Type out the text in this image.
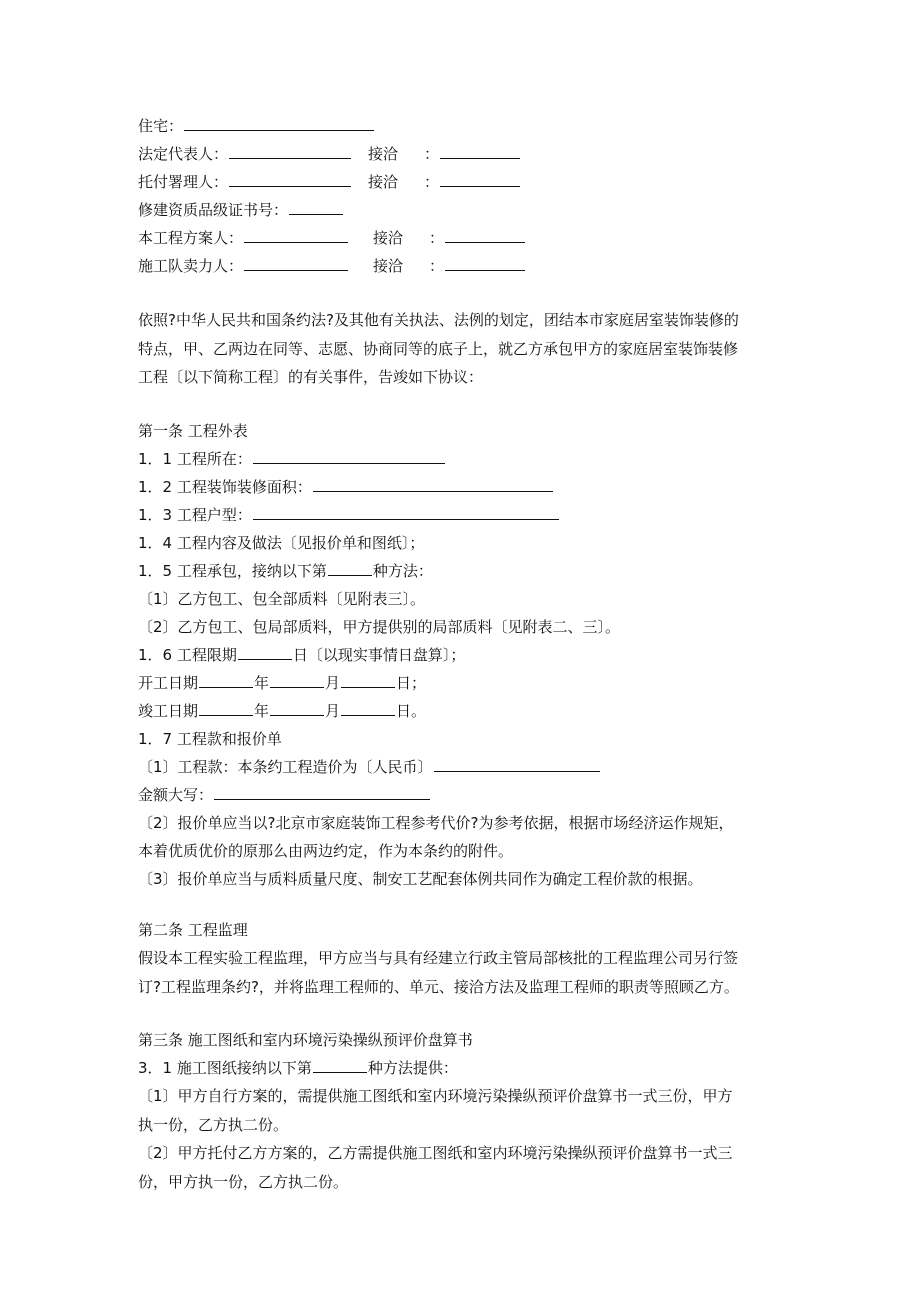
住宅：
法定代表人：	接洽 ：
托付署理人：	接洽 ：
修建资质品级证书号：
本工程方案人：	接洽 ：
施工队卖力人：	接洽 ：
依照?中华人民共和国条约法?及其他有关执法、法例的划定，团结本市家庭居室装饰装修的
特点，甲、乙两边在同等、志愿、协商同等的底子上，就乙方承包甲方的家庭居室装饰装修
工程〔以下简称工程〕的有关事件，告竣如下协议：
第一条 工程外表
1．1 工程所在：
1．2 工程装饰装修面积：
1．3 工程户型：
1．4 工程内容及做法〔见报价单和图纸〕；
1．5 工程承包，接纳以下第	种方法：
〔1〕乙方包工、包全部质料〔见附表三〕。
〔2〕乙方包工、包局部质料，甲方提供别的局部质料〔见附表二、三〕。
1．6 工程限期	日〔以现实事情日盘算〕；
开工日期	年	月	日；
竣工日期	年	月	日。
1．7 工程款和报价单
〔1〕工程款：本条约工程造价为〔人民币〕
金额大写：
〔2〕报价单应当以?北京市家庭装饰工程参考代价?为参考依据，根据市场经济运作规矩，
本着优质优价的原那么由两边约定，作为本条约的附件。
〔3〕报价单应当与质料质量尺度、制安工艺配套体例共同作为确定工程价款的根据。
第二条 工程监理
假设本工程实验工程监理，甲方应当与具有经建立行政主管局部核批的工程监理公司另行签
订?工程监理条约?，并将监理工程师的、单元、接洽方法及监理工程师的职责等照顾乙方。
第三条 施工图纸和室内环境污染操纵预评价盘算书
3．1 施工图纸接纳以下第	种方法提供：
〔1〕甲方自行方案的，需提供施工图纸和室内环境污染操纵预评价盘算书一式三份，甲方
执一份，乙方执二份。
〔2〕甲方托付乙方方案的，乙方需提供施工图纸和室内环境污染操纵预评价盘算书一式三
份，甲方执一份，乙方执二份。
